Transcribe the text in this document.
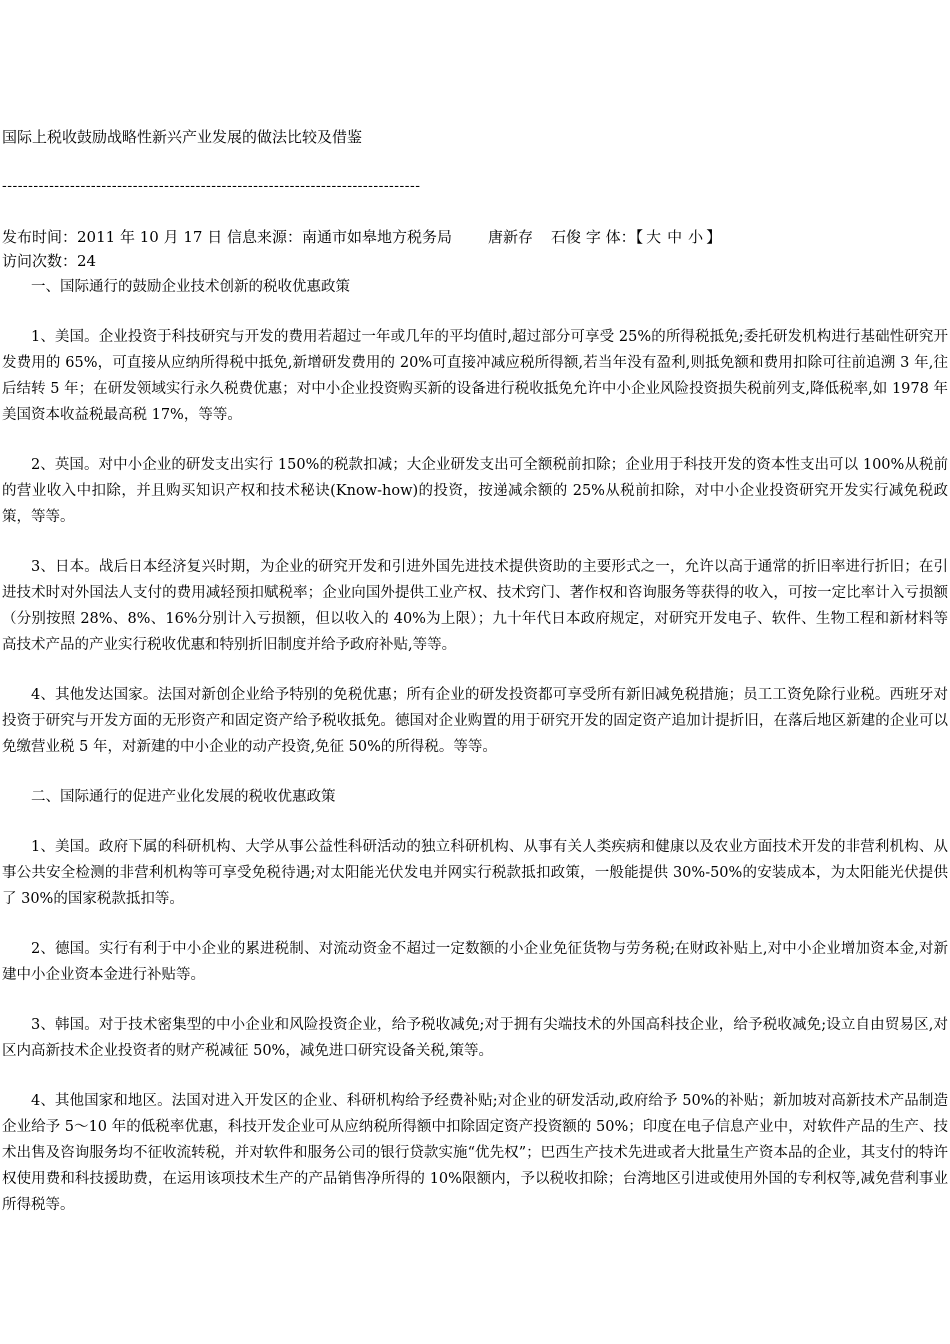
国际上税收鼓励战略性新兴产业发展的做法比较及借鉴
--------------------------------------------------------------------------------
发布时间：2011 年 10 月 17 日 信息来源：南通市如皋地方税务局 唐新存 石俊 字 体：【 大 中 小 】
访问次数：24

一、国际通行的鼓励企业技术创新的税收优惠政策

1、美国。企业投资于科技研究与开发的费用若超过一年或几年的平均值时,超过部分可享受 25%的所得税抵免;委托研发机构进行基础性研究开发费用的 65%，可直接从应纳所得税中抵免,新增研发费用的 20%可直接冲减应税所得额,若当年没有盈利,则抵免额和费用扣除可往前追溯 3 年,往后结转 5 年；在研发领域实行永久税费优惠；对中小企业投资购买新的设备进行税收抵免允许中小企业风险投资损失税前列支,降低税率,如 1978 年美国资本收益税最高税 17%，等等。

2、英国。对中小企业的研发支出实行 150%的税款扣减；大企业研发支出可全额税前扣除；企业用于科技开发的资本性支出可以 100%从税前的营业收入中扣除，并且购买知识产权和技术秘诀(Know-how)的投资，按递减余额的 25%从税前扣除，对中小企业投资研究开发实行减免税政策，等等。

3、日本。战后日本经济复兴时期，为企业的研究开发和引进外国先进技术提供资助的主要形式之一，允许以高于通常的折旧率进行折旧；在引进技术时对外国法人支付的费用减轻预扣赋税率；企业向国外提供工业产权、技术窍门、著作权和咨询服务等获得的收入，可按一定比率计入亏损额（分别按照 28%、8%、16%分别计入亏损额，但以收入的 40%为上限）；九十年代日本政府规定，对研究开发电子、软件、生物工程和新材料等高技术产品的产业实行税收优惠和特别折旧制度并给予政府补贴,等等。

4、其他发达国家。法国对新创企业给予特别的免税优惠；所有企业的研发投资都可享受所有新旧减免税措施；员工工资免除行业税。西班牙对投资于研究与开发方面的无形资产和固定资产给予税收抵免。德国对企业购置的用于研究开发的固定资产追加计提折旧，在落后地区新建的企业可以免缴营业税 5 年，对新建的中小企业的动产投资,免征 50%的所得税。等等。

二、国际通行的促进产业化发展的税收优惠政策

1、美国。政府下属的科研机构、大学从事公益性科研活动的独立科研机构、从事有关人类疾病和健康以及农业方面技术开发的非营利机构、从事公共安全检测的非营利机构等可享受免税待遇;对太阳能光伏发电并网实行税款抵扣政策，一般能提供 30%-50%的安装成本，为太阳能光伏提供了 30%的国家税款抵扣等。

2、德国。实行有利于中小企业的累进税制、对流动资金不超过一定数额的小企业免征货物与劳务税;在财政补贴上,对中小企业增加资本金,对新建中小企业资本金进行补贴等。

3、韩国。对于技术密集型的中小企业和风险投资企业，给予税收减免;对于拥有尖端技术的外国高科技企业，给予税收减免;设立自由贸易区,对区内高新技术企业投资者的财产税减征 50%，减免进口研究设备关税,策等。

4、其他国家和地区。法国对进入开发区的企业、科研机构给予经费补贴;对企业的研发活动,政府给予 50%的补贴；新加坡对高新技术产品制造企业给予 5～10 年的低税率优惠，科技开发企业可从应纳税所得额中扣除固定资产投资额的 50%；印度在电子信息产业中，对软件产品的生产、技术出售及咨询服务均不征收流转税，并对软件和服务公司的银行贷款实施“优先权”；巴西生产技术先进或者大批量生产资本品的企业，其支付的特许权使用费和科技援助费，在运用该项技术生产的产品销售净所得的 10%限额内，予以税收扣除；台湾地区引进或使用外国的专利权等,减免营利事业所得税等。
